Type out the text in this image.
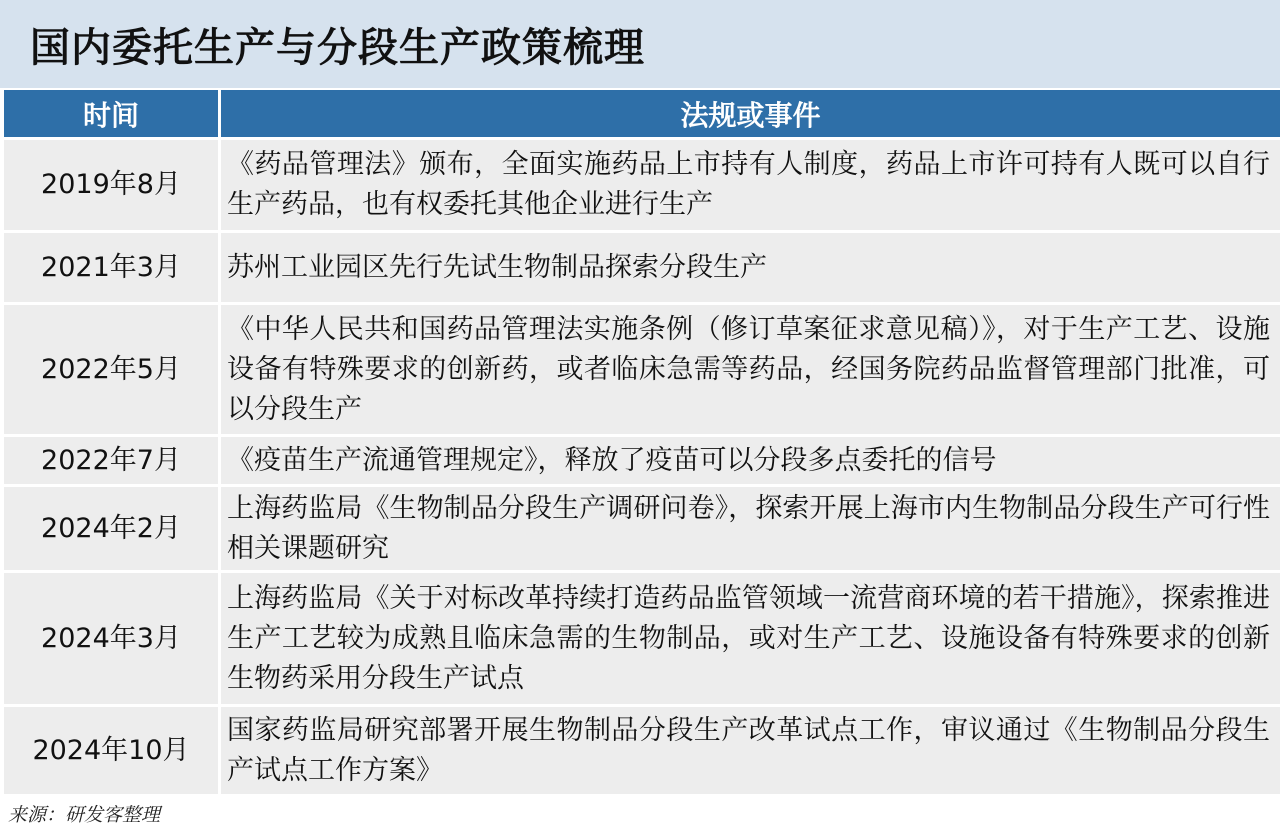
国内委托生产与分段生产政策梳理
时间	法规或事件
2019年8月	《药品管理法》颁布，全面实施药品上市持有人制度，药品上市许可持有人既可以自行生产药品，也有权委托其他企业进行生产
2021年3月	苏州工业园区先行先试生物制品探索分段生产
2022年5月	《中华人民共和国药品管理法实施条例（修订草案征求意见稿）》，对于生产工艺、设施设备有特殊要求的创新药，或者临床急需等药品，经国务院药品监督管理部门批准，可以分段生产
2022年7月	《疫苗生产流通管理规定》，释放了疫苗可以分段多点委托的信号
2024年2月	上海药监局《生物制品分段生产调研问卷》，探索开展上海市内生物制品分段生产可行性相关课题研究
2024年3月	上海药监局《关于对标改革持续打造药品监管领域一流营商环境的若干措施》，探索推进生产工艺较为成熟且临床急需的生物制品，或对生产工艺、设施设备有特殊要求的创新生物药采用分段生产试点
2024年10月	国家药监局研究部署开展生物制品分段生产改革试点工作，审议通过《生物制品分段生产试点工作方案》
来源：研发客整理
